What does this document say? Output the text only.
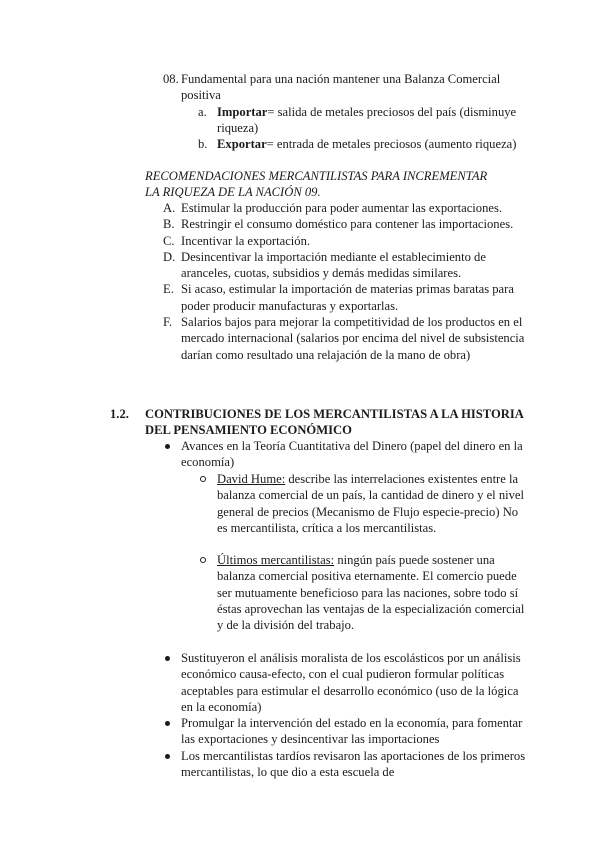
08. Fundamental para una nación mantener una Balanza Comercial positiva

a. Importar= salida de metales preciosos del país (disminuye riqueza)

b. Exportar= entrada de metales preciosos (aumento riqueza)

RECOMENDACIONES MERCANTILISTAS PARA INCREMENTAR LA RIQUEZA DE LA NACIÓN 09.

A. Estimular la producción para poder aumentar las exportaciones.

B. Restringir el consumo doméstico para contener las importaciones.

C. Incentivar la exportación.

D. Desincentivar la importación mediante el establecimiento de aranceles, cuotas, subsidios y demás medidas similares.

E. Si acaso, estimular la importación de materias primas baratas para poder producir manufacturas y exportarlas.

F. Salarios bajos para mejorar la competitividad de los productos en el mercado internacional (salarios por encima del nivel de subsistencia darían como resultado una relajación de la mano de obra)

1.2. CONTRIBUCIONES DE LOS MERCANTILISTAS A LA HISTORIA DEL PENSAMIENTO ECONÓMICO

Avances en la Teoría Cuantitativa del Dinero (papel del dinero en la economía)

David Hume: describe las interrelaciones existentes entre la balanza comercial de un país, la cantidad de dinero y el nivel general de precios (Mecanismo de Flujo especie-precio) No es mercantilista, crítica a los mercantilistas.

Últimos mercantilistas: ningún país puede sostener una balanza comercial positiva eternamente. El comercio puede ser mutuamente beneficioso para las naciones, sobre todo sí éstas aprovechan las ventajas de la especialización comercial y de la división del trabajo.

Sustituyeron el análisis moralista de los escolásticos por un análisis económico causa-efecto, con el cual pudieron formular políticas aceptables para estimular el desarrollo económico (uso de la lógica en la economía)

Promulgar la intervención del estado en la economía, para fomentar las exportaciones y desincentivar las importaciones

Los mercantilistas tardíos revisaron las aportaciones de los primeros mercantilistas, lo que dio a esta escuela de
